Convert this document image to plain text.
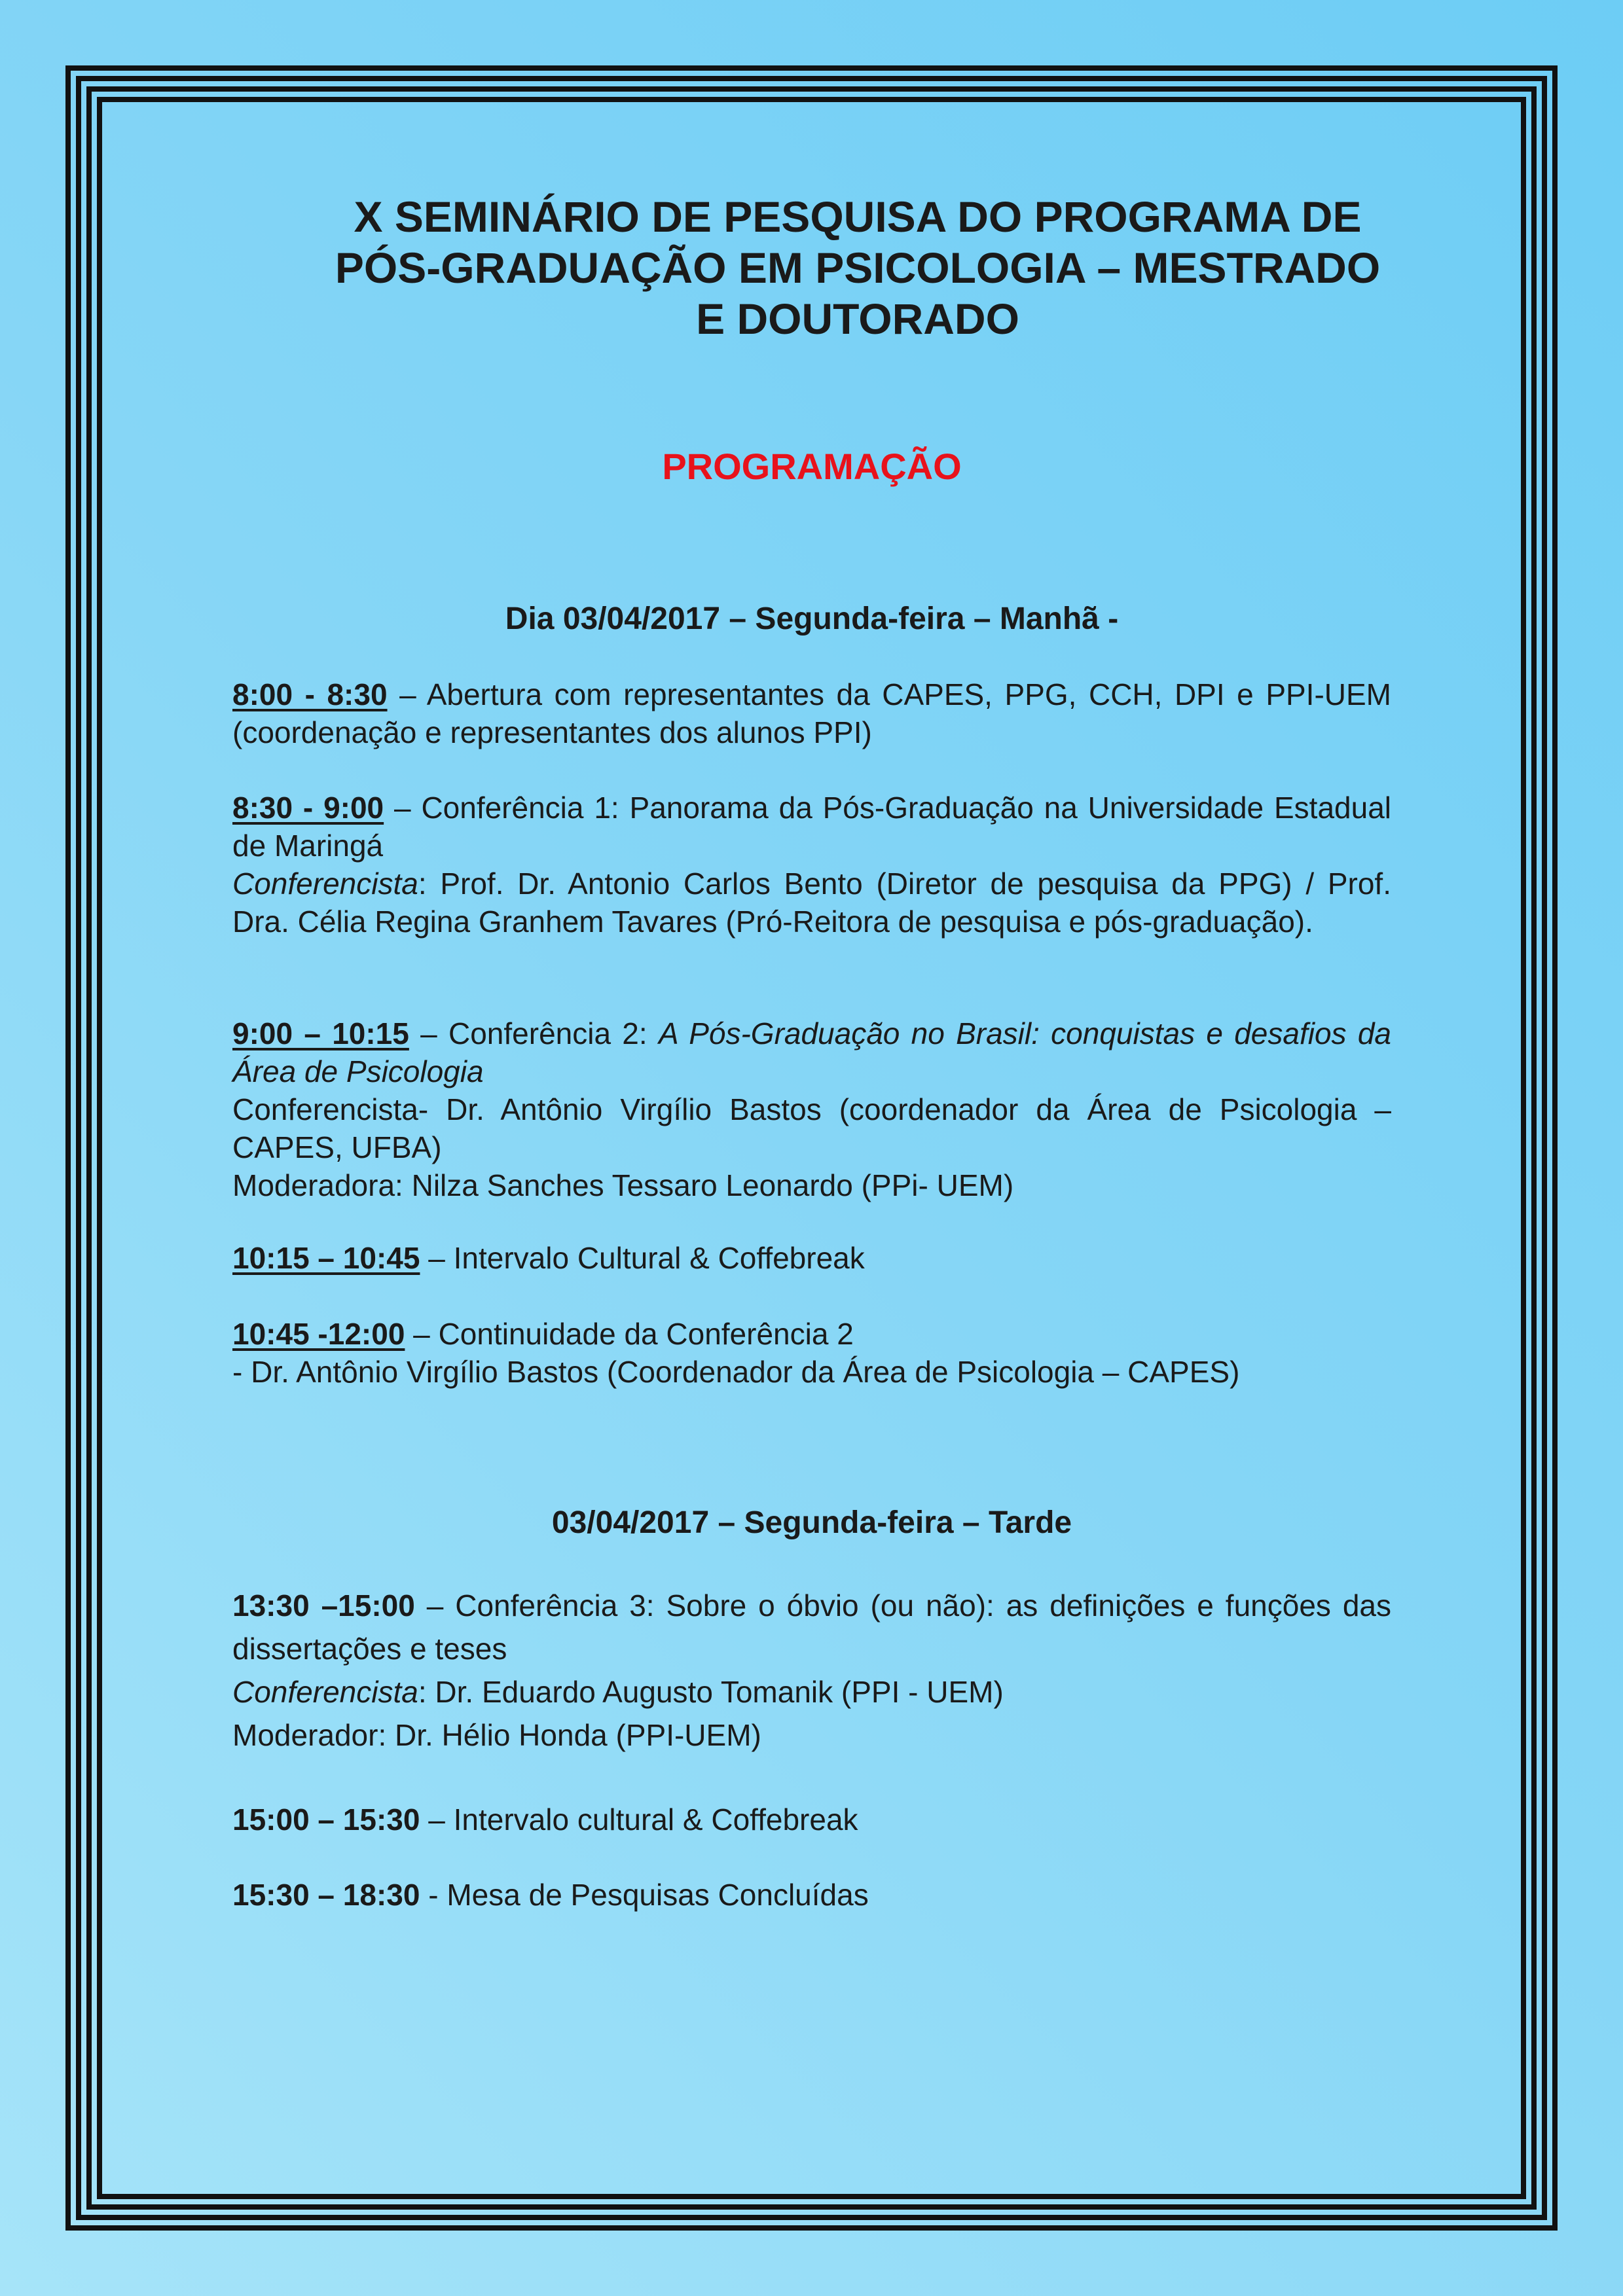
X SEMINÁRIO DE PESQUISA DO PROGRAMA DE
PÓS-GRADUAÇÃO EM PSICOLOGIA – MESTRADO
E DOUTORADO
PROGRAMAÇÃO
Dia 03/04/2017 – Segunda-feira – Manhã -

8:00 - 8:30 – Abertura com representantes da CAPES, PPG, CCH, DPI e PPI-UEM (coordenação e representantes dos alunos PPI)

8:30 - 9:00 – Conferência 1: Panorama da Pós-Graduação na Universidade Estadual de Maringá
Conferencista: Prof. Dr. Antonio Carlos Bento (Diretor de pesquisa da PPG) / Prof. Dra. Célia Regina Granhem Tavares (Pró-Reitora de pesquisa e pós-graduação).

9:00 – 10:15 – Conferência 2: A Pós-Graduação no Brasil: conquistas e desafios da Área de Psicologia
Conferencista- Dr. Antônio Virgílio Bastos (coordenador da Área de Psicologia – CAPES, UFBA)
Moderadora: Nilza Sanches Tessaro Leonardo (PPi- UEM)

10:15 – 10:45 – Intervalo Cultural & Coffebreak

10:45 -12:00 – Continuidade da Conferência 2
- Dr. Antônio Virgílio Bastos (Coordenador da Área de Psicologia – CAPES)

03/04/2017 – Segunda-feira – Tarde

13:30 –15:00 – Conferência 3: Sobre o óbvio (ou não): as definições e funções das dissertações e teses
Conferencista: Dr. Eduardo Augusto Tomanik (PPI - UEM)
Moderador: Dr. Hélio Honda (PPI-UEM)

15:00 – 15:30 – Intervalo cultural & Coffebreak

15:30 – 18:30 - Mesa de Pesquisas Concluídas
